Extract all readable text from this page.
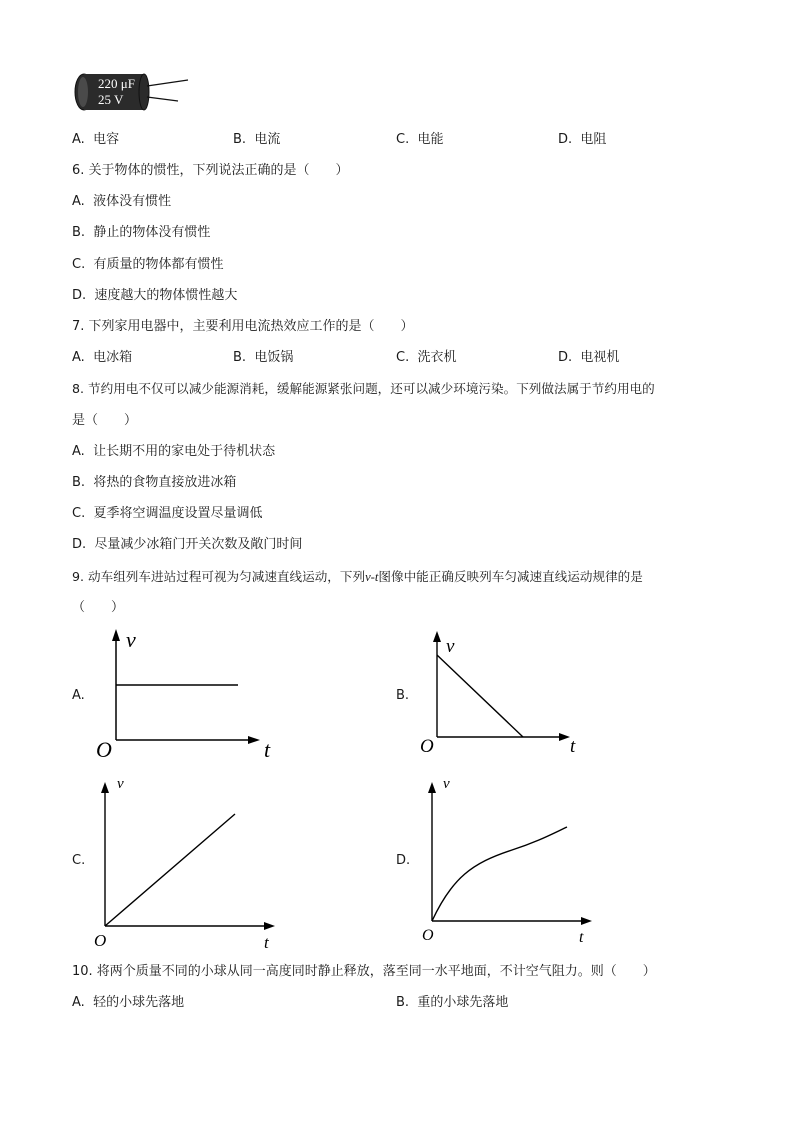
220 μF
25 V
A. 电容	B. 电流	C. 电能	D. 电阻
6. 关于物体的惯性，下列说法正确的是（　　）
A. 液体没有惯性
B. 静止的物体没有惯性
C. 有质量的物体都有惯性
D. 速度越大的物体惯性越大
7. 下列家用电器中，主要利用电流热效应工作的是（　　）
A. 电冰箱	B. 电饭锅	C. 洗衣机	D. 电视机
8. 节约用电不仅可以减少能源消耗，缓解能源紧张问题，还可以减少环境污染。下列做法属于节约用电的
是（　　）
A. 让长期不用的家电处于待机状态
B. 将热的食物直接放进冰箱
C. 夏季将空调温度设置尽量调低
D. 尽量减少冰箱门开关次数及敞门时间
9. 动车组列车进站过程可视为匀减速直线运动，下列v-t图像中能正确反映列车匀减速直线运动规律的是
（　　）
A.
v
t
O
B.
v
t
O
C.
v
t
O
D.
v
t
O
10. 将两个质量不同的小球从同一高度同时静止释放，落至同一水平地面，不计空气阻力。则（　　）
A. 轻的小球先落地	B. 重的小球先落地
